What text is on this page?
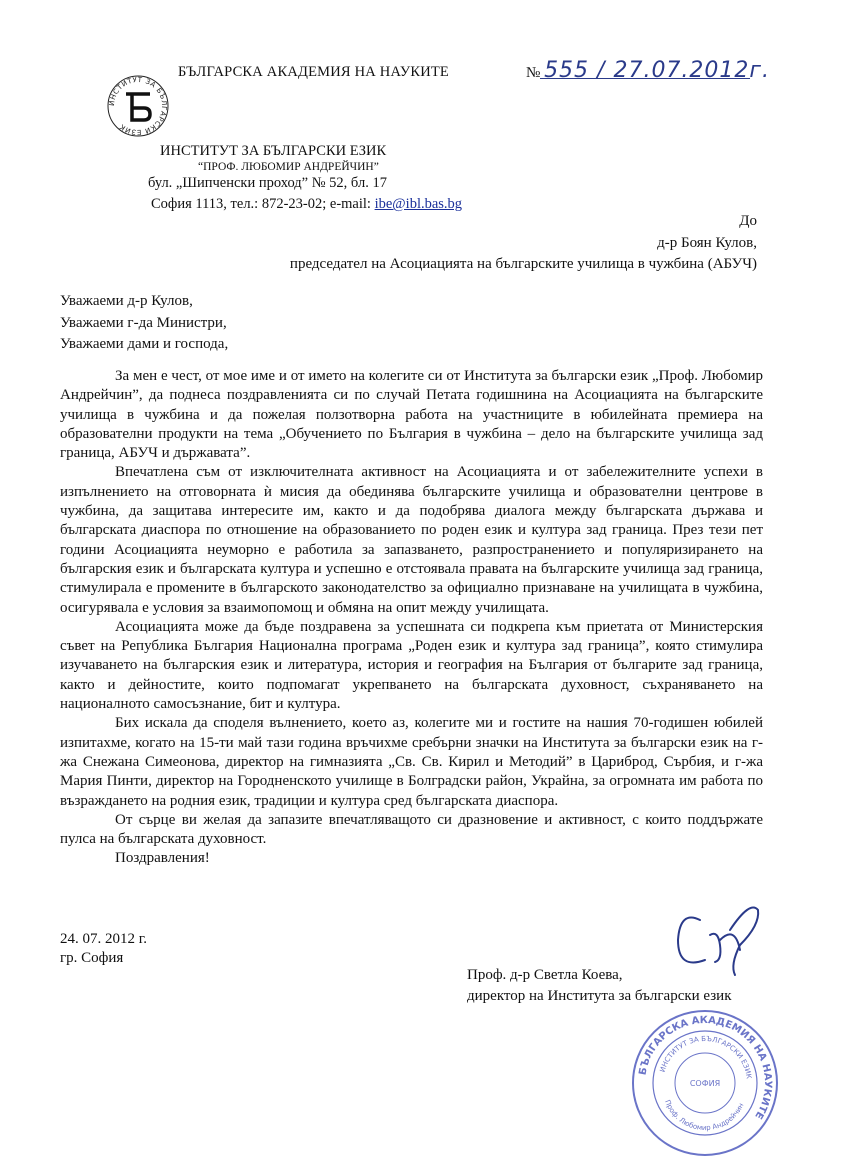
ИНСТИТУТ ЗА БЪЛГАРСКИ ЕЗИК
БЪЛГАРСКА АКАДЕМИЯ НА НАУКИТЕ
ИНСТИТУТ ЗА БЪЛГАРСКИ ЕЗИК
“ПРОФ. ЛЮБОМИР АНДРЕЙЧИН”
бул. „Шипченски проход” № 52, бл. 17
София 1113, тел.: 872-23-02; e-mail: ibe@ibl.bas.bg
№ 555 / 27.07.2012г.
До
д-р Боян Кулов,
председател на Асоциацията на българските училища в чужбина (АБУЧ)
Уважаеми д-р Кулов,
Уважаеми г-да Министри,
Уважаеми дами и господа,

За мен е чест, от мое име и от името на колегите си от Института за български език „Проф. Любомир Андрейчин”, да поднеса поздравленията си по случай Петата годишнина на Асоциацията на българските училища в чужбина и да пожелая ползотворна работа на участниците в юбилейната премиера на образователни продукти на тема „Обучението по България в чужбина – дело на българските училища зад граница, АБУЧ и държавата”.

Впечатлена съм от изключителната активност на Асоциацията и от забележителните успехи в изпълнението на отговорната ѝ мисия да обединява българските училища и образователни центрове в чужбина, да защитава интересите им, както и да подобрява диалога между българската държава и българската диаспора по отношение на образованието по роден език и култура зад граница. През тези пет години Асоциацията неуморно е работила за запазването, разпространението и популяризирането на българския език и българската култура и успешно е отстоявала правата на българските училища зад граница, стимулирала е промените в българското законодателство за официално признаване на училищата в чужбина, осигурявала е условия за взаимопомощ и обмяна на опит между училищата.

Асоциацията може да бъде поздравена за успешната си подкрепа към приетата от Министерския съвет на Република България Национална програма „Роден език и култура зад граница”, която стимулира изучаването на българския език и литература, история и география на България от българите зад граница, както и дейностите, които подпомагат укрепването на българската духовност, съхраняването на националното самосъзнание, бит и култура.

Бих искала да споделя вълнението, което аз, колегите ми и гостите на нашия 70-годишен юбилей изпитахме, когато на 15-ти май тази година връчихме сребърни значки на Института за български език на г-жа Снежана Симеонова, директор на гимназията „Св. Св. Кирил и Методий” в Цариброд, Сърбия, и г-жа Мария Пинти, директор на Городненското училище в Болградски район, Украйна, за огромната им работа по възраждането на родния език, традиции и култура сред българската диаспора.

От сърце ви желая да запазите впечатляващото си дразновение и активност, с които поддържате пулса на българската духовност.

Поздравления!

24. 07. 2012 г.
гр. София
Проф. д-р Светла Коева,
директор на Института за български език
БЪЛГАРСКА АКАДЕМИЯ НА НАУКИТЕ
ИНСТИТУТ ЗА БЪЛГАРСКИ ЕЗИК
Проф. Любомир Андрейчин
СОФИЯ
